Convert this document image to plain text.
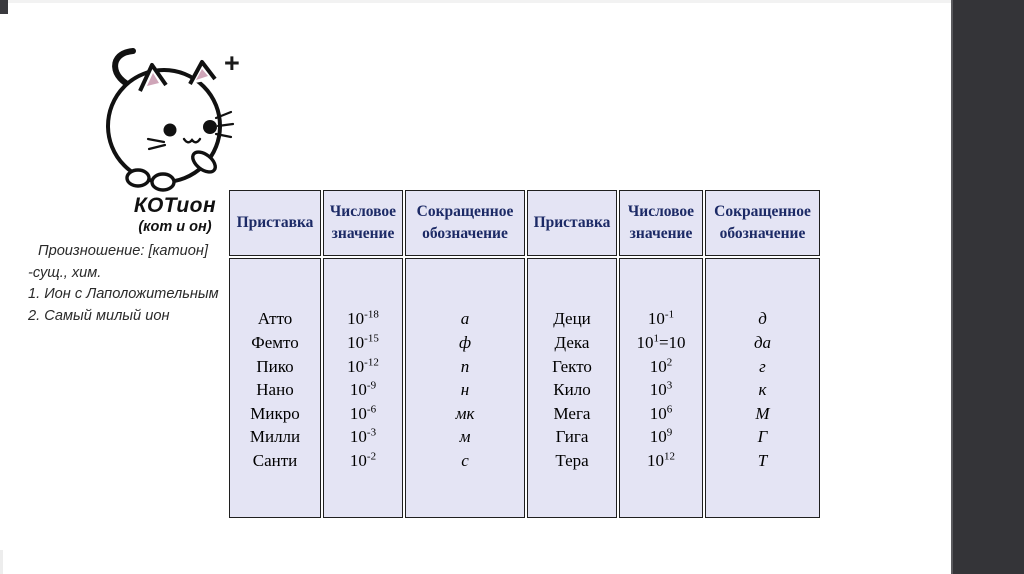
+
КОТион
(кот и он)
Произношение: [катион]
-сущ., хим.
1. Ион с Лаположительным
2. Самый милый ион
Приставка
Числовое значение
Сокращенное обозначение
Приставка
Числовое значение
Сокращенное обозначение
Атто
Фемто
Пико
Нано
Микро
Милли
Санти
$10^{-18}$
$10^{-15}$
$10^{-12}$
$10^{-9}$
$10^{-6}$
$10^{-3}$
$10^{-2}$
а
ф
п
н
мк
м
с
Деци
Дека
Гекто
Кило
Мега
Гига
Тера
$10^{-1}$
$10^1=10$
$10^2$
$10^3$
$10^6$
$10^9$
$10^{12}$
д
да
г
к
М
Г
Т
